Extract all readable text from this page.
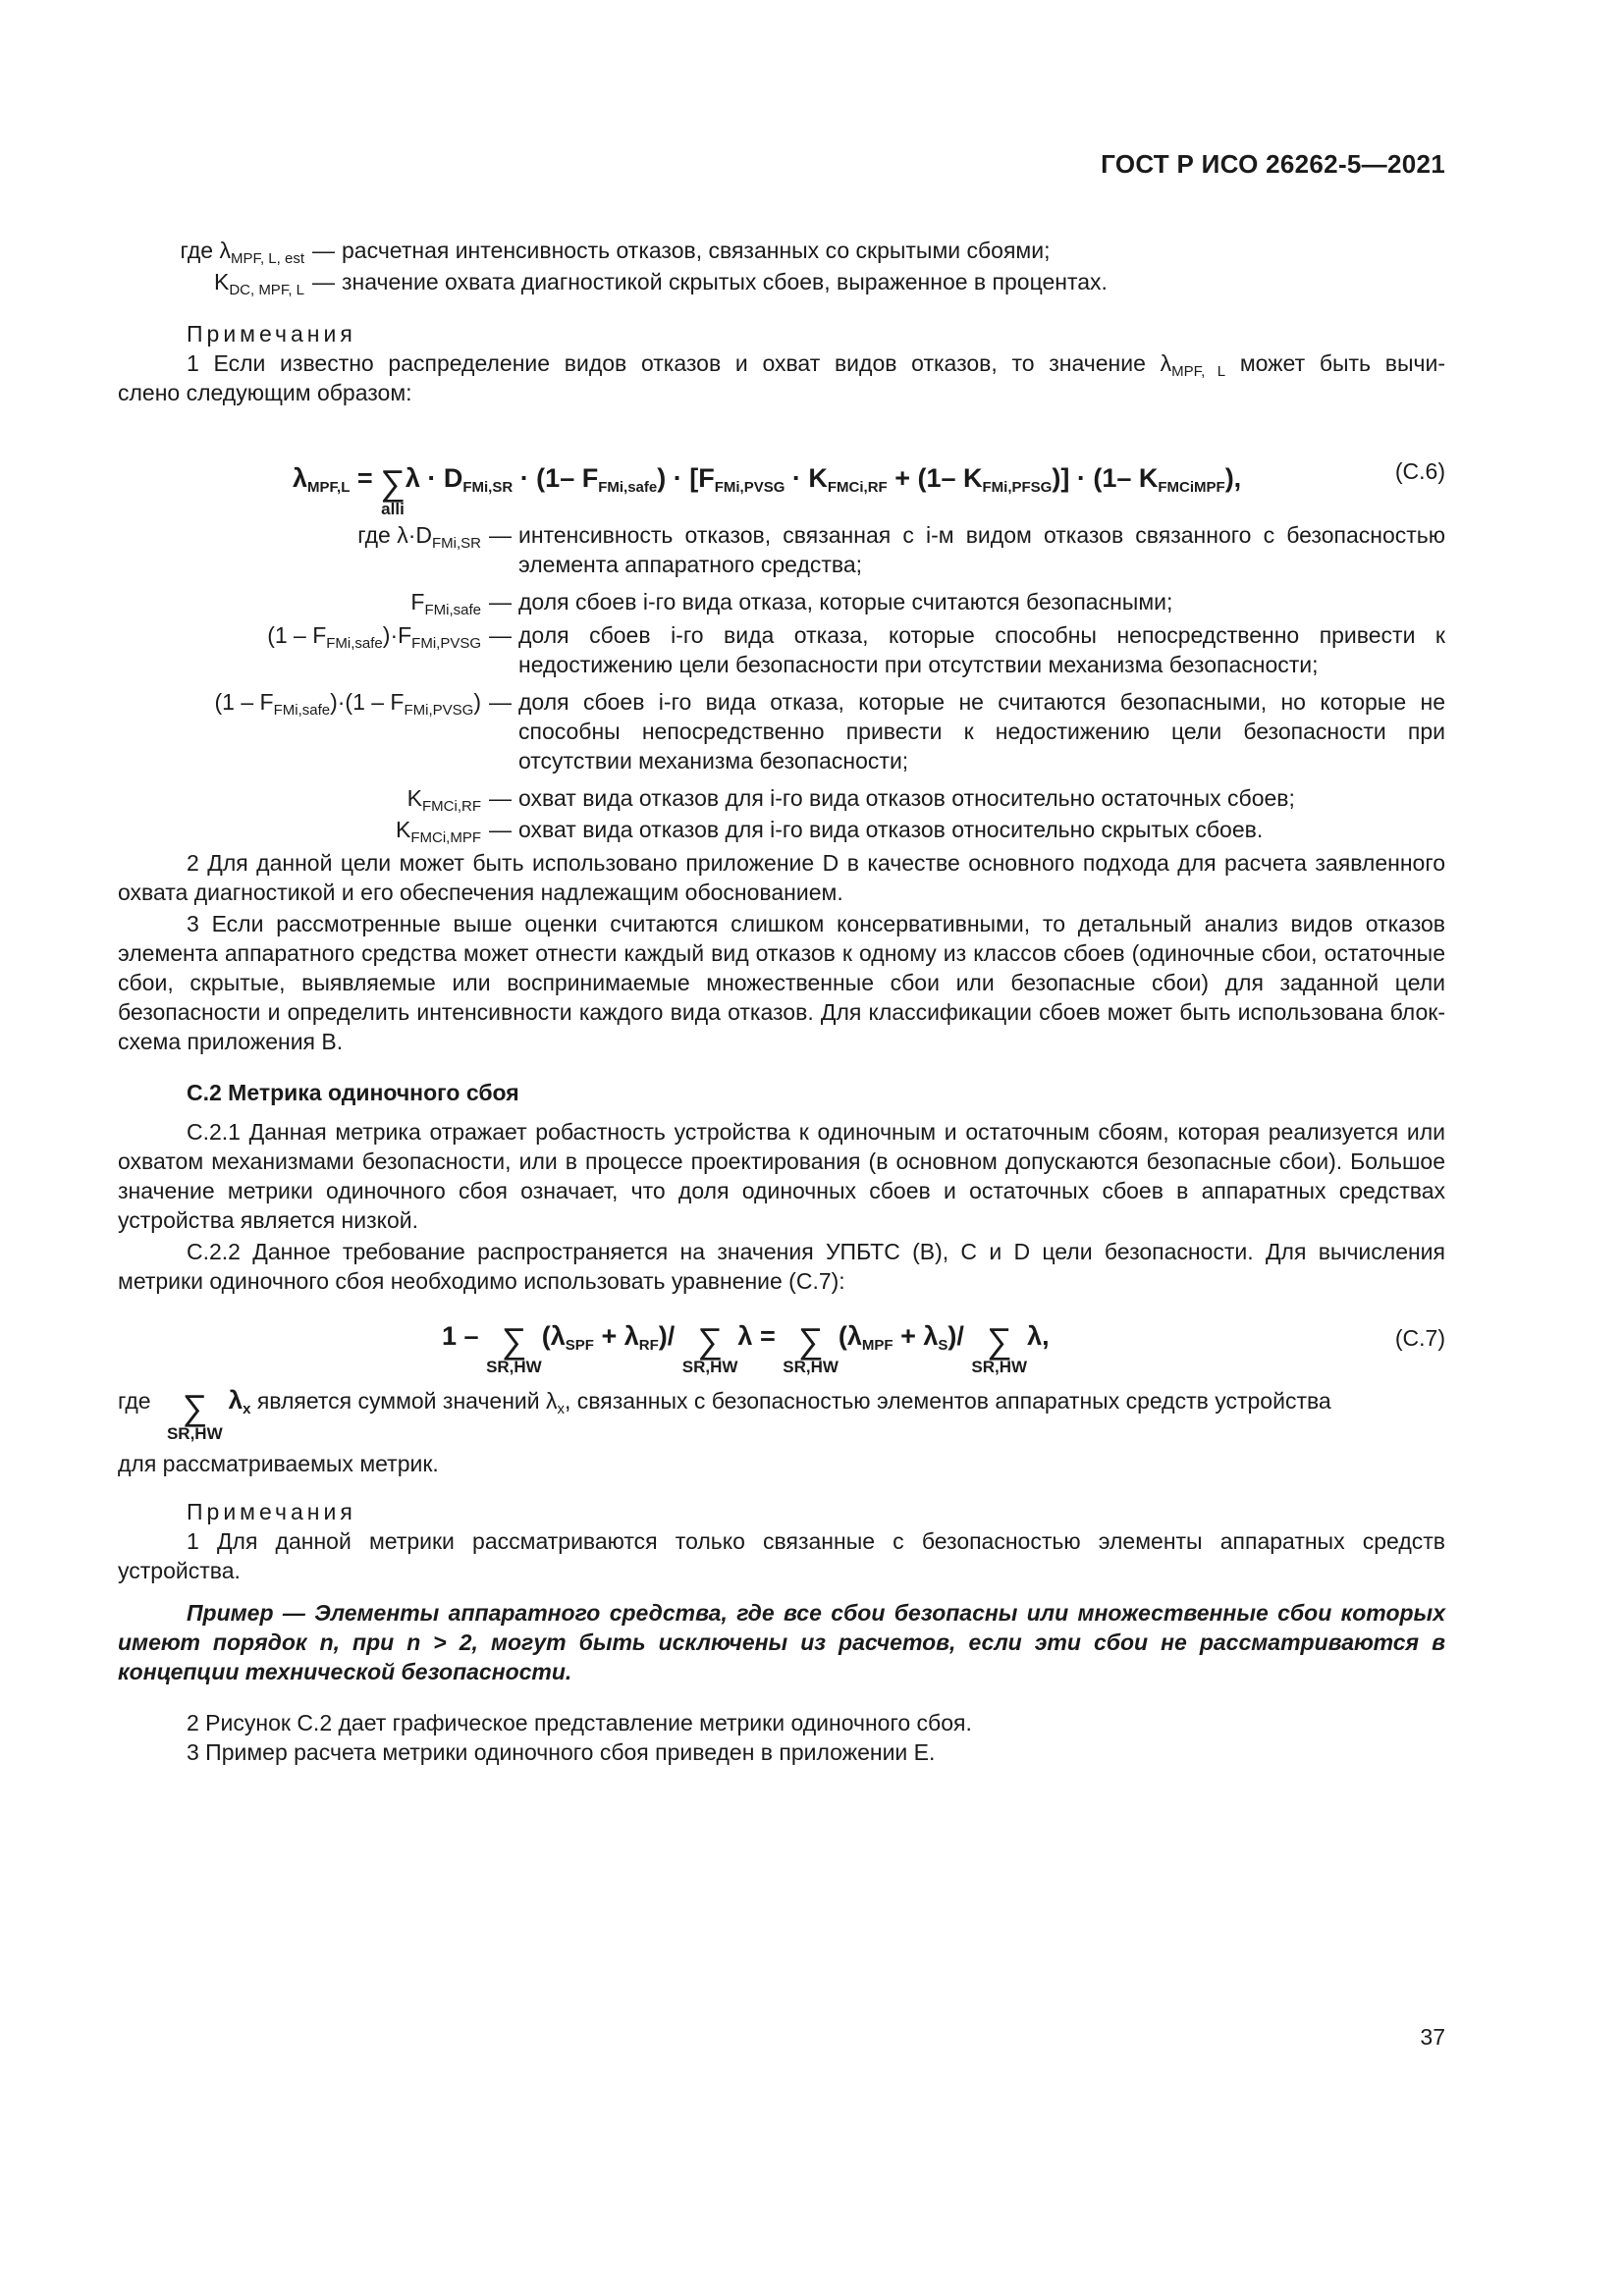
ГОСТ Р ИСО 26262-5—2021
где $\lambda_{MPF, L, est}$ — расчетная интенсивность отказов, связанных со скрытыми сбоями;
$K_{DC, MPF, L}$ — значение охвата диагностикой скрытых сбоев, выраженное в процентах.
Примечания
1 Если известно распределение видов отказов и охват видов отказов, то значение $\lambda_{MPF, L}$ может быть вычи-
слено следующим образом:
$\lambda_{MPF,L}$ = ∑
alli
$\lambda \cdot D_{FMi,SR} \cdot (1-$ $F_{FMi,safe}) \cdot [F_{FMi,PVSG} \cdot K_{FMCi,RF} + (1-$ $K_{FMi,PFSG})] \cdot (1-$ $K_{FMCiMPF}$),	(C.6)
где $\lambda\cdot D_{FMi,SR}$ — интенсивность отказов, связанная с i-м видом отказов связанного с безопасностью элемента аппаратного средства;
$F_{FMi,safe}$ — доля сбоев i-го вида отказа, которые считаются безопасными;
$(1 - F_{FMi,safe})\cdot F_{FMi,PVSG}$ — доля сбоев i-го вида отказа, которые способны непосредственно привести к недостижению цели безопасности при отсутствии механизма безопасности;
$(1 - F_{FMi,safe})\cdot(1 - F_{FMi,PVSG})$ — доля сбоев i-го вида отказа, которые не считаются безопасными, но которые не способны непосредственно привести к недостижению цели безопасности при отсутствии механизма безопасности;
$K_{FMCi,RF}$ — охват вида отказов для i-го вида отказов относительно остаточных сбоев;
$K_{FMCi,MPF}$ — охват вида отказов для i-го вида отказов относительно скрытых сбоев.
2 Для данной цели может быть использовано приложение D в качестве основного подхода для расчета заявленного охвата диагностикой и его обеспечения надлежащим обоснованием.
3 Если рассмотренные выше оценки считаются слишком консервативными, то детальный анализ видов отказов элемента аппаратного средства может отнести каждый вид отказов к одному из классов сбоев (одиночные сбои, остаточные сбои, скрытые, выявляемые или воспринимаемые множественные сбои или безопасные сбои) для заданной цели безопасности и определить интенсивности каждого вида отказов. Для классификации сбоев может быть использована блок-схема приложения B.
С.2 Метрика одиночного сбоя
С.2.1 Данная метрика отражает робастность устройства к одиночным и остаточным сбоям, которая реализуется или охватом механизмами безопасности, или в процессе проектирования (в основном допускаются безопасные сбои). Большое значение метрики одиночного сбоя означает, что доля одиночных сбоев и остаточных сбоев в аппаратных средствах устройства является низкой.
С.2.2 Данное требование распространяется на значения УПБТС (B), C и D цели безопасности. Для вычисления метрики одиночного сбоя необходимо использовать уравнение (С.7):
1 – ∑
SR,HW
$(\lambda_{SPF} + \lambda_{RF})/$ ∑
SR,HW
λ = ∑
SR,HW
$(\lambda_{MPF} + \lambda_S)/$ ∑
SR,HW
λ,	(C.7)
где ∑
SR,HW
$\lambda_x$ является суммой значений $\lambda_x$, связанных с безопасностью элементов аппаратных средств устройства
для рассматриваемых метрик.
Примечания
1 Для данной метрики рассматриваются только связанные с безопасностью элементы аппаратных средств устройства.
Пример — Элементы аппаратного средства, где все сбои безопасны или множественные сбои которых имеют порядок n, при n > 2, могут быть исключены из расчетов, если эти сбои не рассматриваются в концепции технической безопасности.
2 Рисунок С.2 дает графическое представление метрики одиночного сбоя.
3 Пример расчета метрики одиночного сбоя приведен в приложении Е.
37
